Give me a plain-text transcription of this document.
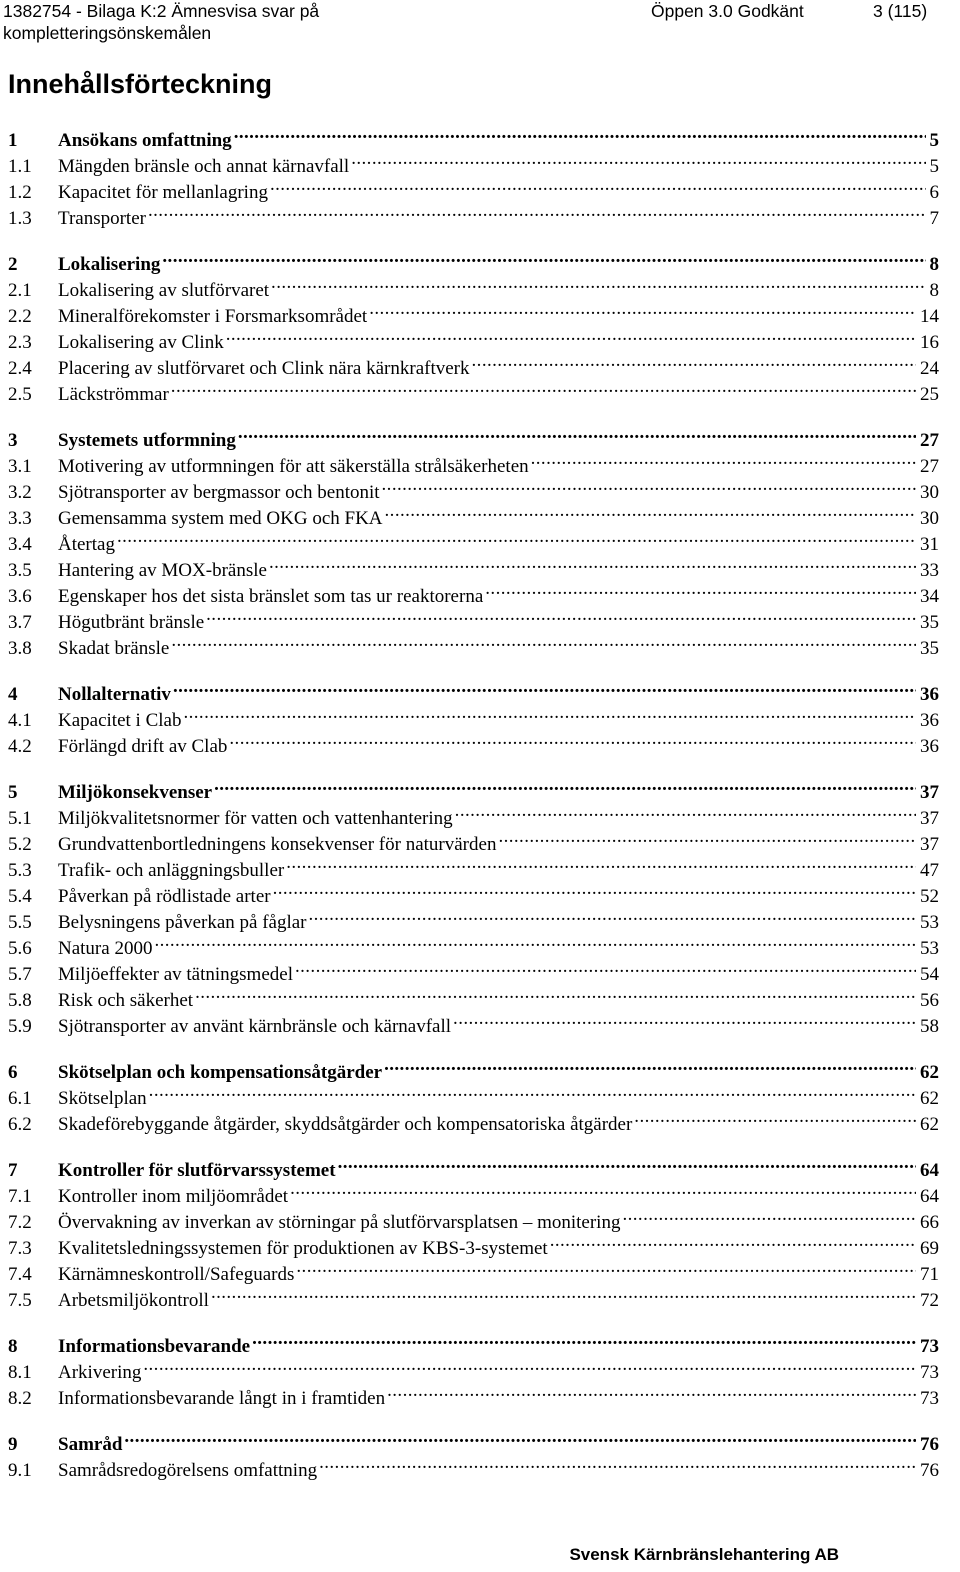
1382754 - Bilaga K:2 Ämnesvisa svar på
kompletteringsönskemålen
Öppen 3.0 Godkänt	3 (115)
Innehållsförteckning
1	Ansökans omfattning .....	5
1.1	Mängden bränsle och annat kärnavfall .....	5
1.2	Kapacitet för mellanlagring .....	6
1.3	Transporter .....	7
2	Lokalisering .....	8
2.1	Lokalisering av slutförvaret .....	8
2.2	Mineralförekomster i Forsmarksområdet .....	14
2.3	Lokalisering av Clink .....	16
2.4	Placering av slutförvaret och Clink nära kärnkraftverk .....	24
2.5	Läckströmmar .....	25
3	Systemets utformning .....	27
3.1	Motivering av utformningen för att säkerställa strålsäkerheten .....	27
3.2	Sjötransporter av bergmassor och bentonit .....	30
3.3	Gemensamma system med OKG och FKA .....	30
3.4	Återtag .....	31
3.5	Hantering av MOX-bränsle .....	33
3.6	Egenskaper hos det sista bränslet som tas ur reaktorerna .....	34
3.7	Högutbränt bränsle .....	35
3.8	Skadat bränsle .....	35
4	Nollalternativ .....	36
4.1	Kapacitet i Clab .....	36
4.2	Förlängd drift av Clab .....	36
5	Miljökonsekvenser .....	37
5.1	Miljökvalitetsnormer för vatten och vattenhantering .....	37
5.2	Grundvattenbortledningens konsekvenser för naturvärden .....	37
5.3	Trafik- och anläggningsbuller .....	47
5.4	Påverkan på rödlistade arter .....	52
5.5	Belysningens påverkan på fåglar .....	53
5.6	Natura 2000 .....	53
5.7	Miljöeffekter av tätningsmedel .....	54
5.8	Risk och säkerhet .....	56
5.9	Sjötransporter av använt kärnbränsle och kärnavfall .....	58
6	Skötselplan och kompensationsåtgärder .....	62
6.1	Skötselplan .....	62
6.2	Skadeförebyggande åtgärder, skyddsåtgärder och kompensatoriska åtgärder .....	62
7	Kontroller för slutförvarssystemet .....	64
7.1	Kontroller inom miljöområdet .....	64
7.2	Övervakning av inverkan av störningar på slutförvarsplatsen – monitering .....	66
7.3	Kvalitetsledningssystemen för produktionen av KBS-3-systemet .....	69
7.4	Kärnämneskontroll/Safeguards .....	71
7.5	Arbetsmiljökontroll .....	72
8	Informationsbevarande .....	73
8.1	Arkivering .....	73
8.2	Informationsbevarande långt in i framtiden .....	73
9	Samråd .....	76
9.1	Samrådsredogörelsens omfattning .....	76
Svensk Kärnbränslehantering AB
